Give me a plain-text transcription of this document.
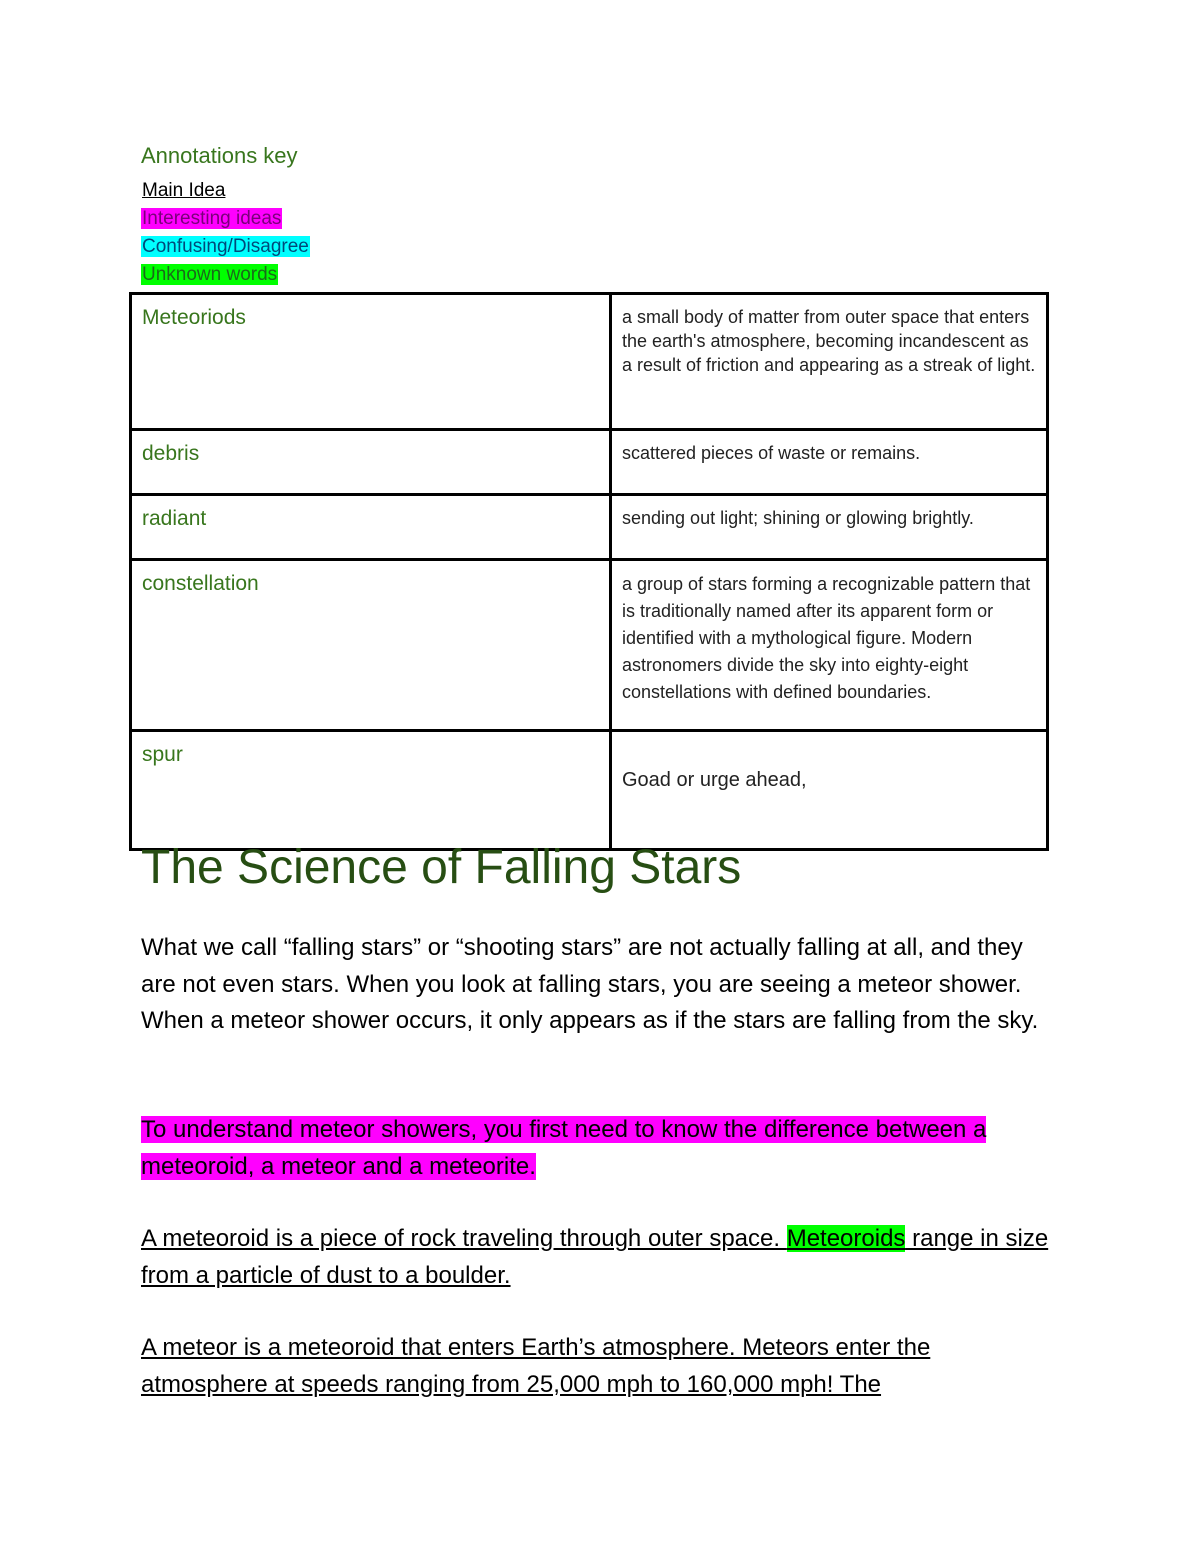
Annotations key
Main Idea
Interesting ideas
Confusing/Disagree
Unknown words
Meteoriods	a small body of matter from outer space that enters the earth's atmosphere, becoming incandescent as a result of friction and appearing as a streak of light.
debris	scattered pieces of waste or remains.
radiant	sending out light; shining or glowing brightly.
constellation	a group of stars forming a recognizable pattern that is traditionally named after its apparent form or identified with a mythological figure. Modern astronomers divide the sky into eighty-eight constellations with defined boundaries.
spur	Goad or urge ahead,
The Science of Falling Stars

What we call “falling stars” or “shooting stars” are not actually falling at all, and they are not even stars. When you look at falling stars, you are seeing a meteor shower. When a meteor shower occurs, it only appears as if the stars are falling from the sky.

To understand meteor showers, you first need to know the difference between a meteoroid, a meteor and a meteorite.

A meteoroid is a piece of rock traveling through outer space. Meteoroids range in size from a particle of dust to a boulder.

A meteor is a meteoroid that enters Earth’s atmosphere. Meteors enter the atmosphere at speeds ranging from 25,000 mph to 160,000 mph! The
